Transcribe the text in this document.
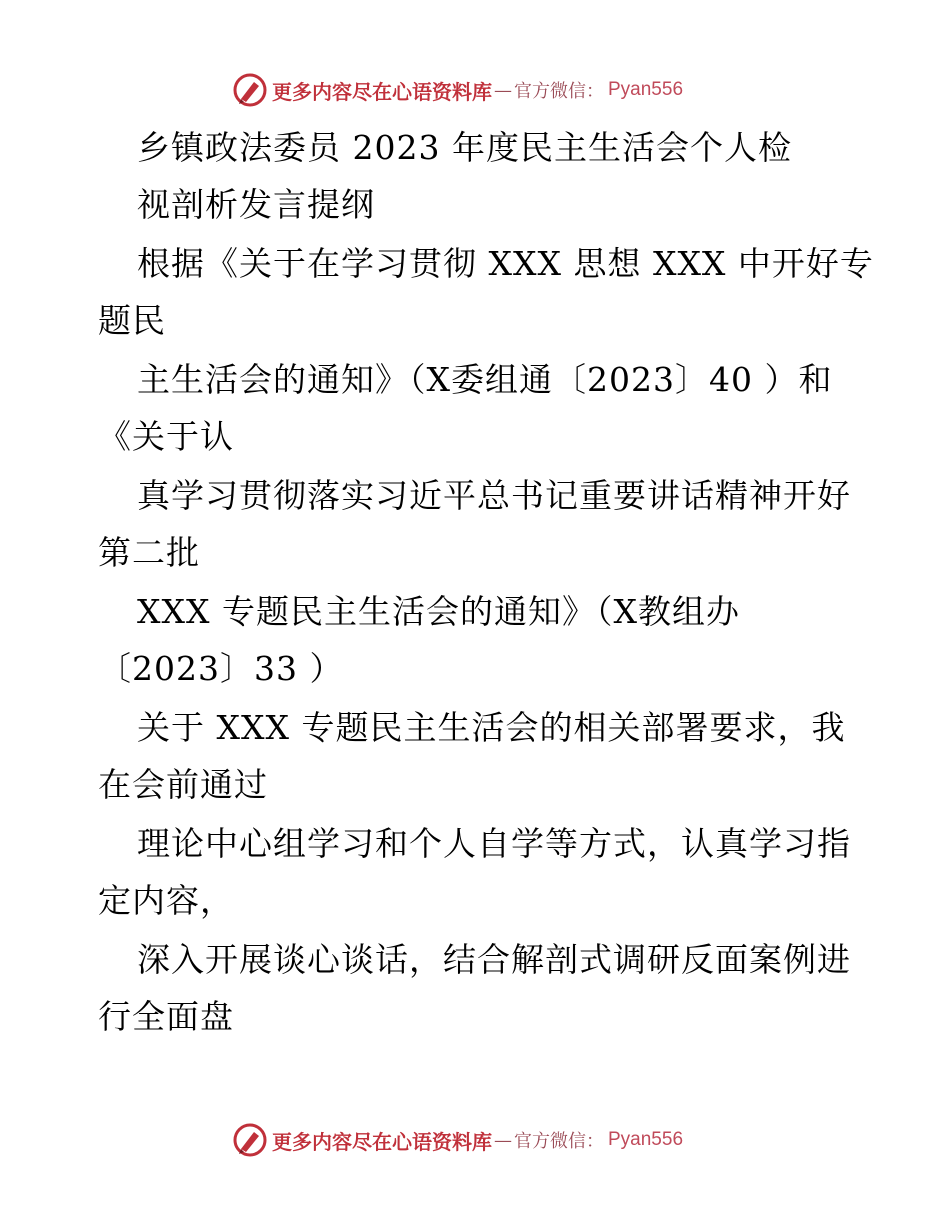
更多内容尽在心语资料库 — 官方微信： Pyan556
乡镇政法委员 2023 年度民主生活会个人检
视剖析发言提纲
根据《关于在学习贯彻 XXX 思想 XXX 中开好专
题民
主生活会的通知》（X委组通〔2023〕40 ）和
《关于认
真学习贯彻落实习近平总书记重要讲话精神开好
第二批
XXX 专题民主生活会的通知》（X教组办
〔2023〕33 ）
关于 XXX 专题民主生活会的相关部署要求，我
在会前通过
理论中心组学习和个人自学等方式，认真学习指
定内容，
深入开展谈心谈话，结合解剖式调研反面案例进
行全面盘
更多内容尽在心语资料库 — 官方微信： Pyan556
